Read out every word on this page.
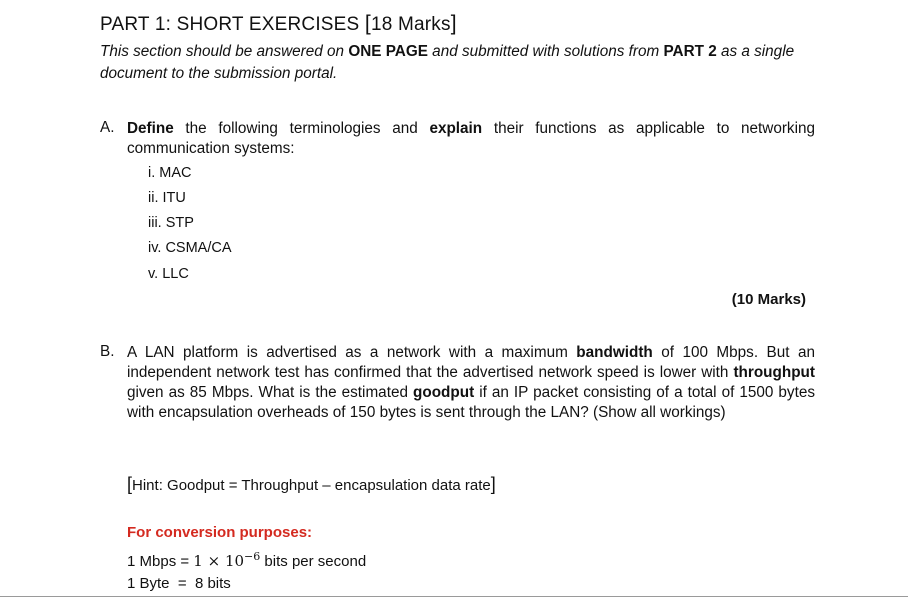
PART 1: SHORT EXERCISES [18 Marks]
This section should be answered on ONE PAGE and submitted with solutions from PART 2 as a single document to the submission portal.
A. Define the following terminologies and explain their functions as applicable to networking communication systems:
i. MAC
ii. ITU
iii. STP
iv. CSMA/CA
v. LLC
(10 Marks)
B. A LAN platform is advertised as a network with a maximum bandwidth of 100 Mbps. But an independent network test has confirmed that the advertised network speed is lower with throughput given as 85 Mbps. What is the estimated goodput if an IP packet consisting of a total of 1500 bytes with encapsulation overheads of 150 bytes is sent through the LAN? (Show all workings)
[Hint: Goodput = Throughput – encapsulation data rate]
For conversion purposes:
1 Mbps = $1 \times 10^{-6}$ bits per second
1 Byte  =  8 bits
